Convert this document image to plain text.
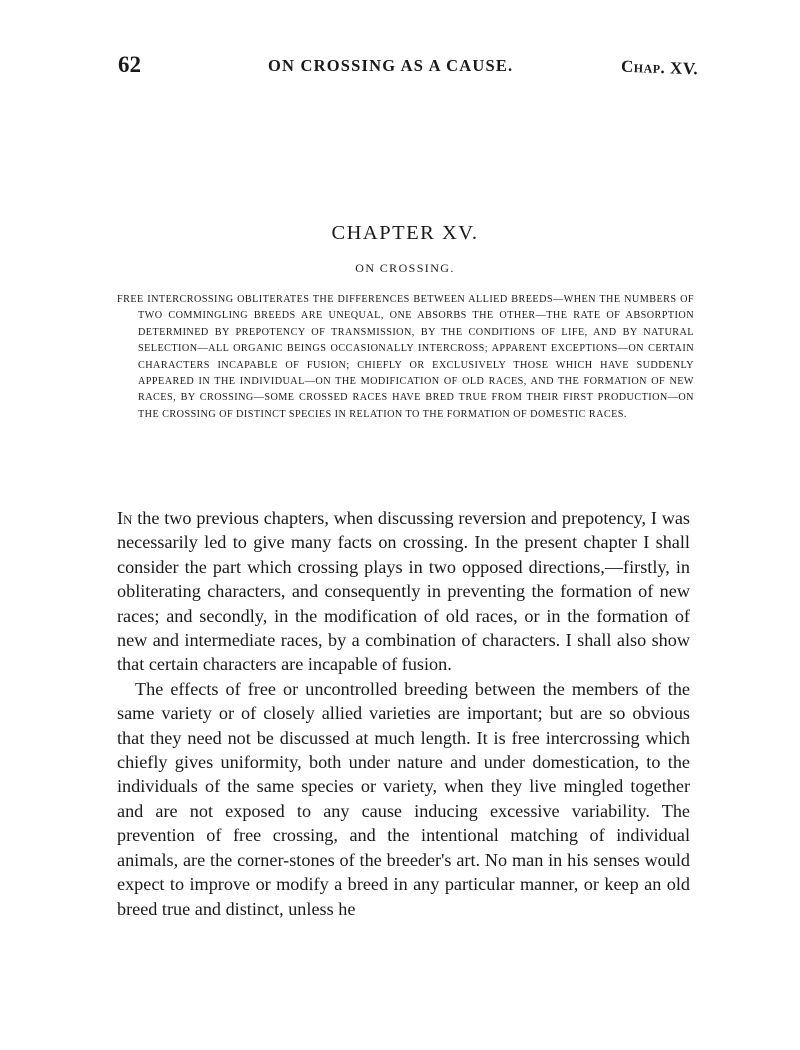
62	ON CROSSING AS A CAUSE.	Chap. XV.
CHAPTER XV.
ON CROSSING.
FREE INTERCROSSING OBLITERATES THE DIFFERENCES BETWEEN ALLIED BREEDS—WHEN THE NUMBERS OF TWO COMMINGLING BREEDS ARE UNEQUAL, ONE ABSORBS THE OTHER—THE RATE OF ABSORPTION DETERMINED BY PREPOTENCY OF TRANSMISSION, BY THE CONDITIONS OF LIFE, AND BY NATURAL SELECTION—ALL ORGANIC BEINGS OCCASIONALLY INTERCROSS; APPARENT EXCEPTIONS—ON CERTAIN CHARACTERS INCAPABLE OF FUSION; CHIEFLY OR EXCLUSIVELY THOSE WHICH HAVE SUDDENLY APPEARED IN THE INDIVIDUAL—ON THE MODIFICATION OF OLD RACES, AND THE FORMATION OF NEW RACES, BY CROSSING—SOME CROSSED RACES HAVE BRED TRUE FROM THEIR FIRST PRODUCTION—ON THE CROSSING OF DISTINCT SPECIES IN RELATION TO THE FORMATION OF DOMESTIC RACES.

In the two previous chapters, when discussing reversion and prepotency, I was necessarily led to give many facts on crossing. In the present chapter I shall consider the part which crossing plays in two opposed directions,—firstly, in obliterating characters, and consequently in preventing the formation of new races; and secondly, in the modification of old races, or in the formation of new and intermediate races, by a combination of characters. I shall also show that certain characters are incapable of fusion.

The effects of free or uncontrolled breeding between the members of the same variety or of closely allied varieties are important; but are so obvious that they need not be discussed at much length. It is free intercrossing which chiefly gives uniformity, both under nature and under domestication, to the individuals of the same species or variety, when they live mingled together and are not exposed to any cause inducing excessive variability. The prevention of free crossing, and the intentional matching of individual animals, are the corner-stones of the breeder's art. No man in his senses would expect to improve or modify a breed in any particular manner, or keep an old breed true and distinct, unless he
